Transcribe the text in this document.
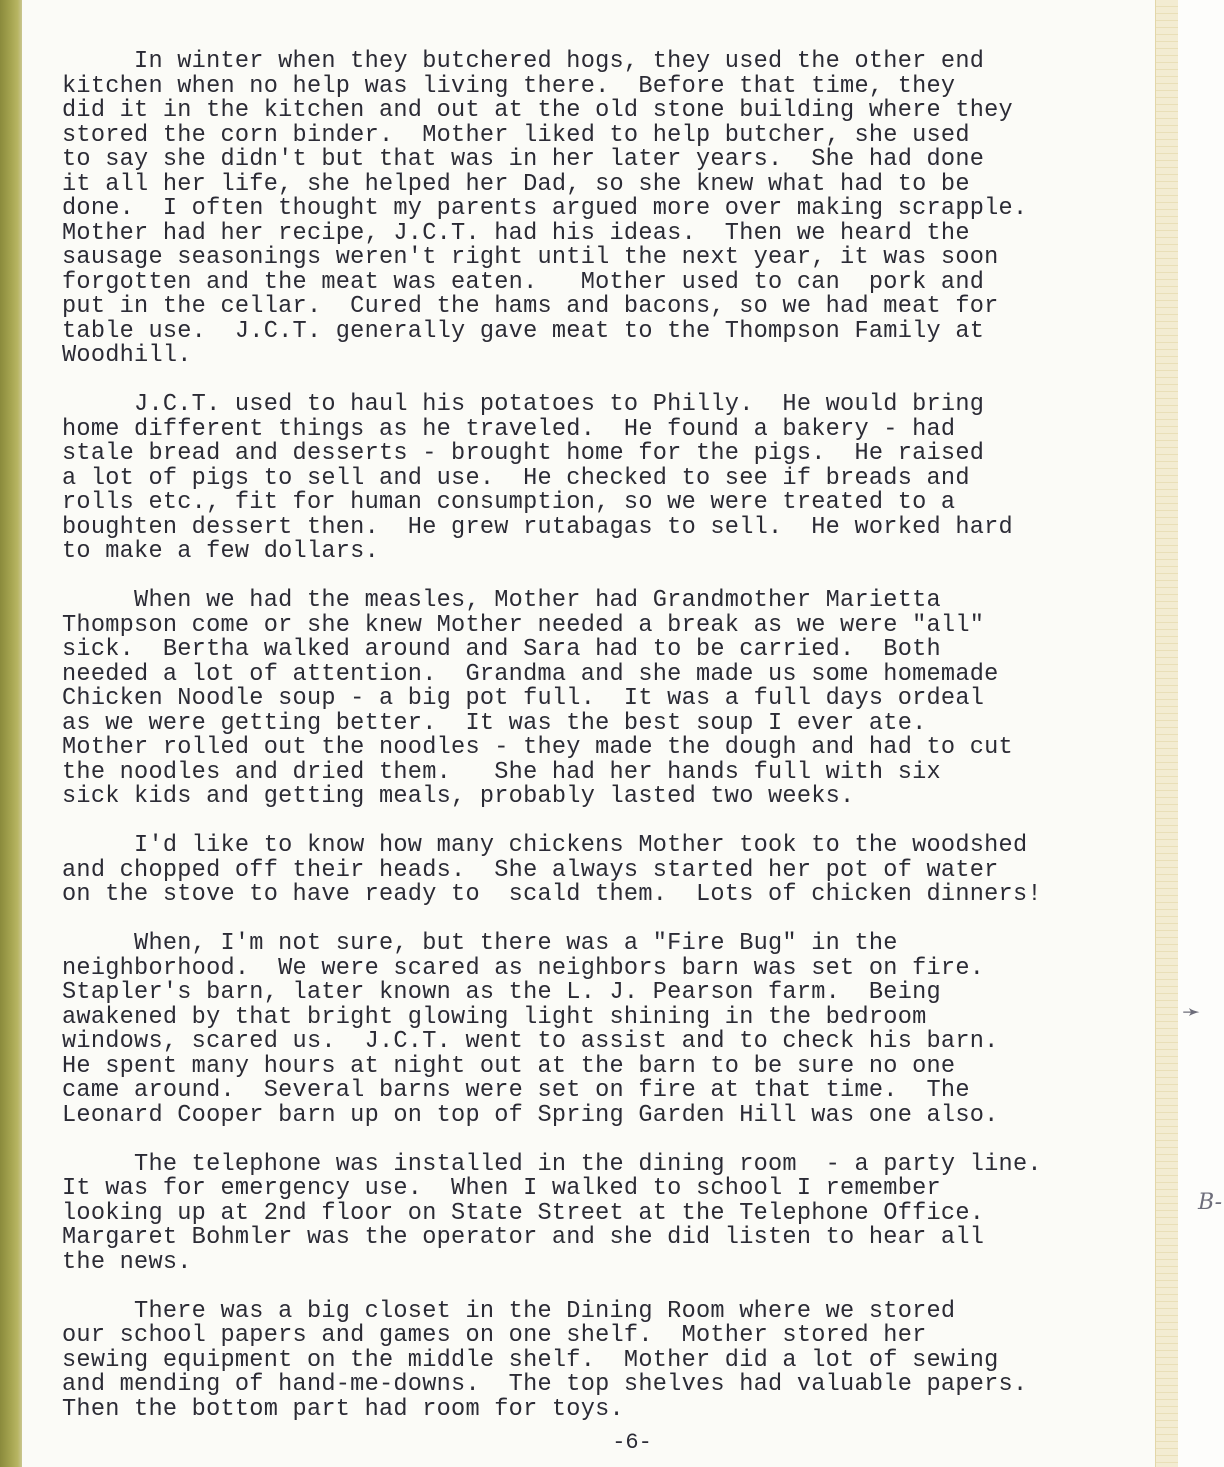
➛
B-
In winter when they butchered hogs, they used the other end
kitchen when no help was living there.  Before that time, they
did it in the kitchen and out at the old stone building where they
stored the corn binder.  Mother liked to help butcher, she used
to say she didn't but that was in her later years.  She had done
it all her life, she helped her Dad, so she knew what had to be
done.  I often thought my parents argued more over making scrapple.
Mother had her recipe, J.C.T. had his ideas.  Then we heard the
sausage seasonings weren't right until the next year, it was soon
forgotten and the meat was eaten.   Mother used to can  pork and
put in the cellar.  Cured the hams and bacons, so we had meat for
table use.  J.C.T. generally gave meat to the Thompson Family at
Woodhill.
J.C.T. used to haul his potatoes to Philly.  He would bring
home different things as he traveled.  He found a bakery - had
stale bread and desserts - brought home for the pigs.  He raised
a lot of pigs to sell and use.  He checked to see if breads and
rolls etc., fit for human consumption, so we were treated to a
boughten dessert then.  He grew rutabagas to sell.  He worked hard
to make a few dollars.
When we had the measles, Mother had Grandmother Marietta
Thompson come or she knew Mother needed a break as we were "all"
sick.  Bertha walked around and Sara had to be carried.  Both
needed a lot of attention.  Grandma and she made us some homemade
Chicken Noodle soup - a big pot full.  It was a full days ordeal
as we were getting better.  It was the best soup I ever ate.
Mother rolled out the noodles - they made the dough and had to cut
the noodles and dried them.   She had her hands full with six
sick kids and getting meals, probably lasted two weeks.
I'd like to know how many chickens Mother took to the woodshed
and chopped off their heads.  She always started her pot of water
on the stove to have ready to  scald them.  Lots of chicken dinners!
When, I'm not sure, but there was a "Fire Bug" in the
neighborhood.  We were scared as neighbors barn was set on fire.
Stapler's barn, later known as the L. J. Pearson farm.  Being
awakened by that bright glowing light shining in the bedroom
windows, scared us.  J.C.T. went to assist and to check his barn.
He spent many hours at night out at the barn to be sure no one
came around.  Several barns were set on fire at that time.  The
Leonard Cooper barn up on top of Spring Garden Hill was one also.
The telephone was installed in the dining room  - a party line.
It was for emergency use.  When I walked to school I remember
looking up at 2nd floor on State Street at the Telephone Office.
Margaret Bohmler was the operator and she did listen to hear all
the news.
There was a big closet in the Dining Room where we stored
our school papers and games on one shelf.  Mother stored her
sewing equipment on the middle shelf.  Mother did a lot of sewing
and mending of hand-me-downs.  The top shelves had valuable papers.
Then the bottom part had room for toys.
-6-
